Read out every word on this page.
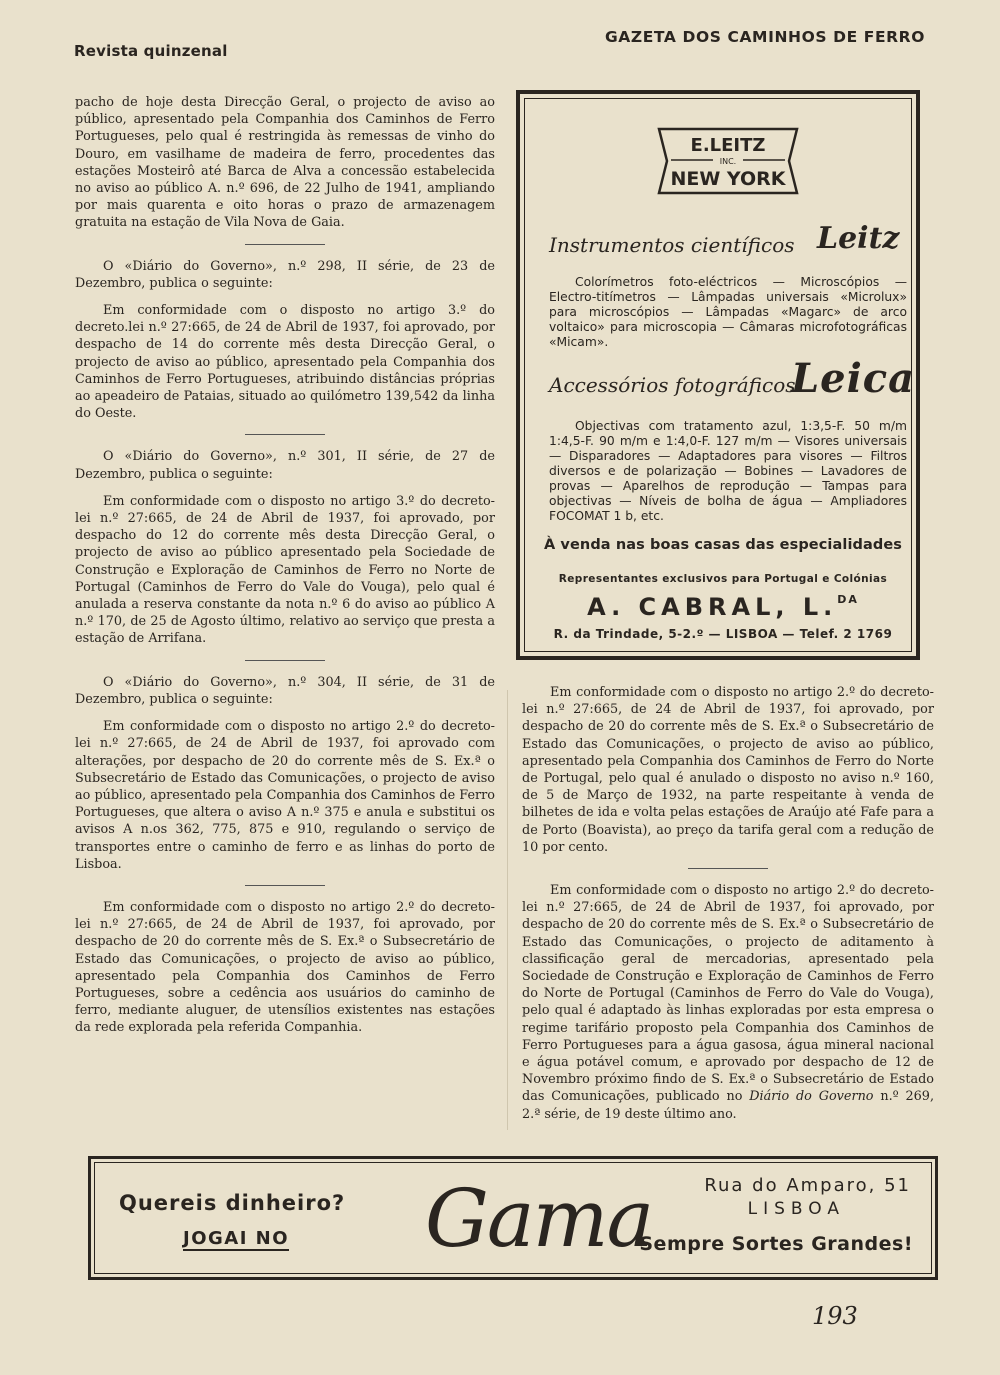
Revista quinzenal
GAZETA DOS CAMINHOS DE FERRO

pacho de hoje desta Direcção Geral, o projecto de aviso ao público, apresentado pela Companhia dos Caminhos de Ferro Portugueses, pelo qual é restringida às remessas de vinho do Douro, em vasilhame de madeira de ferro, procedentes das estações Mosteirô até Barca de Alva a concessão estabelecida no aviso ao público A. n.º 696, de 22 Julho de 1941, ampliando por mais quarenta e oito horas o prazo de armazenagem gratuita na estação de Vila Nova de Gaia.

O «Diário do Governo», n.º 298, II série, de 23 de Dezembro, publica o seguinte:

Em conformidade com o disposto no artigo 3.º do decreto.lei n.º 27:665, de 24 de Abril de 1937, foi aprovado, por despacho de 14 do corrente mês desta Direcção Geral, o projecto de aviso ao público, apresentado pela Companhia dos Caminhos de Ferro Portugueses, atribuindo distâncias próprias ao apeadeiro de Pataias, situado ao quilómetro 139,542 da linha do Oeste.

O «Diário do Governo», n.º 301, II série, de 27 de Dezembro, publica o seguinte:

Em conformidade com o disposto no artigo 3.º do decreto-lei n.º 27:665, de 24 de Abril de 1937, foi aprovado, por despacho do 12 do corrente mês desta Direcção Geral, o projecto de aviso ao público apresentado pela Sociedade de Construção e Exploração de Caminhos de Ferro no Norte de Portugal (Caminhos de Ferro do Vale do Vouga), pelo qual é anulada a reserva constante da nota n.º 6 do aviso ao público A n.º 170, de 25 de Agosto último, relativo ao serviço que presta a estação de Arrifana.

O «Diário do Governo», n.º 304, II série, de 31 de Dezembro, publica o seguinte:

Em conformidade com o disposto no artigo 2.º do decreto-lei n.º 27:665, de 24 de Abril de 1937, foi aprovado com alterações, por despacho de 20 do corrente mês de S. Ex.ª o Subsecretário de Estado das Comunicações, o projecto de aviso ao público, apresentado pela Companhia dos Caminhos de Ferro Portugueses, que altera o aviso A n.º 375 e anula e substitui os avisos A n.os 362, 775, 875 e 910, regulando o serviço de transportes entre o caminho de ferro e as linhas do porto de Lisboa.

Em conformidade com o disposto no artigo 2.º do decreto-lei n.º 27:665, de 24 de Abril de 1937, foi aprovado, por despacho de 20 do corrente mês de S. Ex.ª o Subsecretário de Estado das Comunicações, o projecto de aviso ao público, apresentado pela Companhia dos Caminhos de Ferro Portugueses, sobre a cedência aos usuários do caminho de ferro, mediante aluguer, de utensílios existentes nas estações da rede explorada pela referida Companhia.

E.LEITZ
INC.
NEW YORK
Instrumentos científicos Leitz

Colorímetros foto-eléctricos — Microscópios — Electro-titímetros — Lâmpadas universais «Microlux» para microscópios — Lâmpadas «Magarc» de arco voltaico» para microscopia — Câmaras microfotográficas «Micam».

Accessórios fotográficos
Leica

Objectivas com tratamento azul, 1:3,5-F. 50 m/m 1:4,5-F. 90 m/m e 1:4,0-F. 127 m/m — Visores universais — Disparadores — Adaptadores para visores — Filtros diversos e de polarização — Bobines — Lavadores de provas — Aparelhos de reprodução — Tampas para objectivas — Níveis de bolha de água — Ampliadores FOCOMAT 1 b, etc.

À venda nas boas casas das especialidades
Representantes exclusivos para Portugal e Colónias
A. CABRAL, L.$^{DA}$
R. da Trindade, 5-2.º — LISBOA — Telef. 2 1769

Em conformidade com o disposto no artigo 2.º do decreto-lei n.º 27:665, de 24 de Abril de 1937, foi aprovado, por despacho de 20 do corrente mês de S. Ex.ª o Subsecretário de Estado das Comunicações, o projecto de aviso ao público, apresentado pela Companhia dos Caminhos de Ferro do Norte de Portugal, pelo qual é anulado o disposto no aviso n.º 160, de 5 de Março de 1932, na parte respeitante à venda de bilhetes de ida e volta pelas estações de Araújo até Fafe para a de Porto (Boavista), ao preço da tarifa geral com a redução de 10 por cento.

Em conformidade com o disposto no artigo 2.º do decreto-lei n.º 27:665, de 24 de Abril de 1937, foi aprovado, por despacho de 20 do corrente mês de S. Ex.ª o Subsecretário de Estado das Comunicações, o projecto de aditamento à classificação geral de mercadorias, apresentado pela Sociedade de Construção e Exploração de Caminhos de Ferro do Norte de Portugal (Caminhos de Ferro do Vale do Vouga), pelo qual é adaptado às linhas exploradas por esta empresa o regime tarifário proposto pela Companhia dos Caminhos de Ferro Portugueses para a água gasosa, água mineral nacional e água potável comum, e aprovado por despacho de 12 de Novembro próximo findo de S. Ex.ª o Subsecretário de Estado das Comunicações, publicado no Diário do Governo n.º 269, 2.ª série, de 19 deste último ano.

Quereis dinheiro?
JOGAI NO Gama	Rua do Amparo, 51
LISBOA
Sempre Sortes Grandes!
193
